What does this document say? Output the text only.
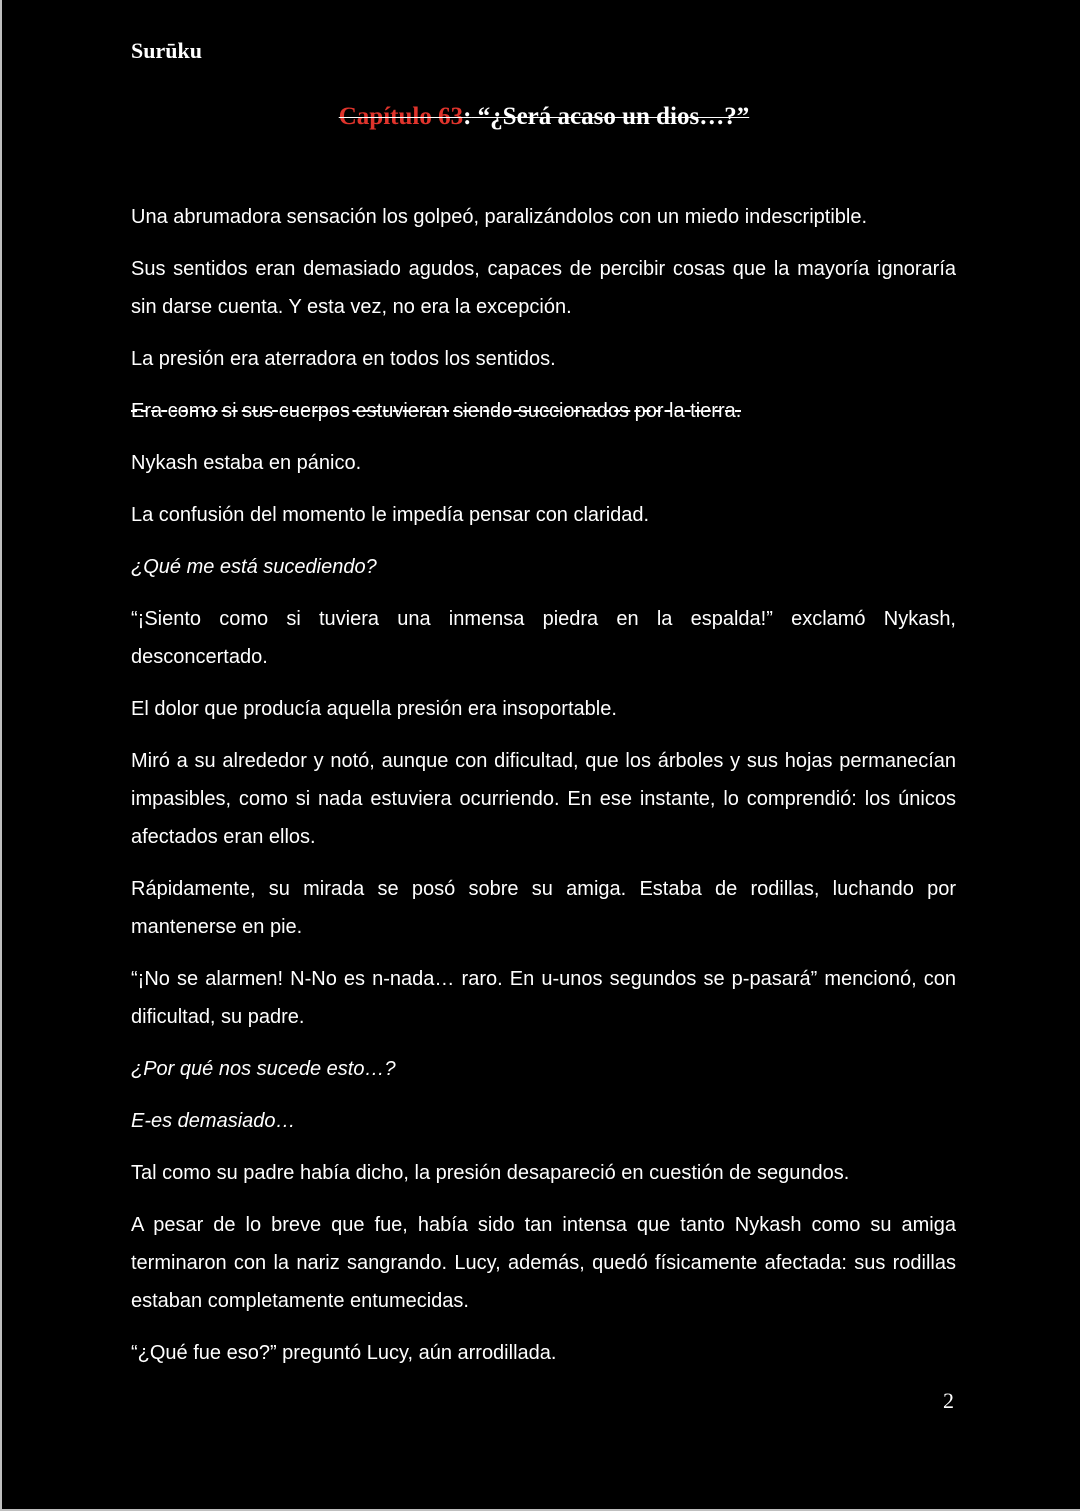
Surūku
Capítulo 63: “¿Será acaso un dios…?”

Una abrumadora sensación los golpeó, paralizándolos con un miedo indescriptible.

Sus sentidos eran demasiado agudos, capaces de percibir cosas que la mayoría ignoraría sin darse cuenta. Y esta vez, no era la excepción.

La presión era aterradora en todos los sentidos.

Era como si sus cuerpos estuvieran siendo succionados por la tierra.

Nykash estaba en pánico.

La confusión del momento le impedía pensar con claridad.

¿Qué me está sucediendo?

“¡Siento como si tuviera una inmensa piedra en la espalda!” exclamó Nykash, desconcertado.

El dolor que producía aquella presión era insoportable.

Miró a su alrededor y notó, aunque con dificultad, que los árboles y sus hojas permanecían impasibles, como si nada estuviera ocurriendo. En ese instante, lo comprendió: los únicos afectados eran ellos.

Rápidamente, su mirada se posó sobre su amiga. Estaba de rodillas, luchando por mantenerse en pie.

“¡No se alarmen! N-No es n-nada… raro. En u-unos segundos se p-pasará” mencionó, con dificultad, su padre.

¿Por qué nos sucede esto…?

E-es demasiado…

Tal como su padre había dicho, la presión desapareció en cuestión de segundos.

A pesar de lo breve que fue, había sido tan intensa que tanto Nykash como su amiga terminaron con la nariz sangrando. Lucy, además, quedó físicamente afectada: sus rodillas estaban completamente entumecidas.

“¿Qué fue eso?” preguntó Lucy, aún arrodillada.

2
